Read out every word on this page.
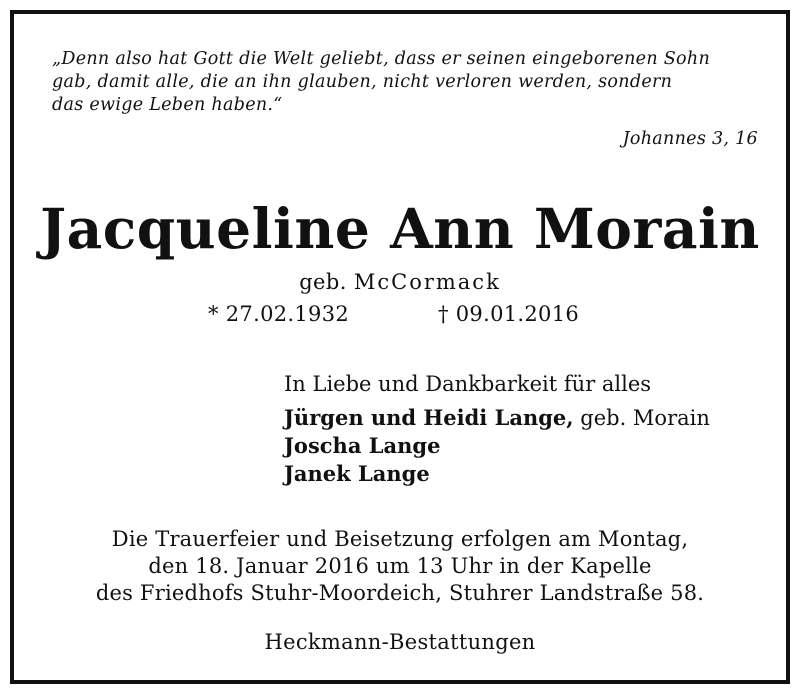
„Denn also hat Gott die Welt geliebt, dass er seinen eingeborenen Sohn
gab, damit alle, die an ihn glauben, nicht verloren werden, sondern
das ewige Leben haben.“
Johannes 3, 16
Jacqueline Ann Morain
geb. McCormack
* 27.02.1932	† 09.01.2016
In Liebe und Dankbarkeit für alles
Jürgen und Heidi Lange, geb. Morain
Joscha Lange
Janek Lange
Die Trauerfeier und Beisetzung erfolgen am Montag,
den 18. Januar 2016 um 13 Uhr in der Kapelle
des Friedhofs Stuhr-Moordeich, Stuhrer Landstraße 58.
Heckmann-Bestattungen
